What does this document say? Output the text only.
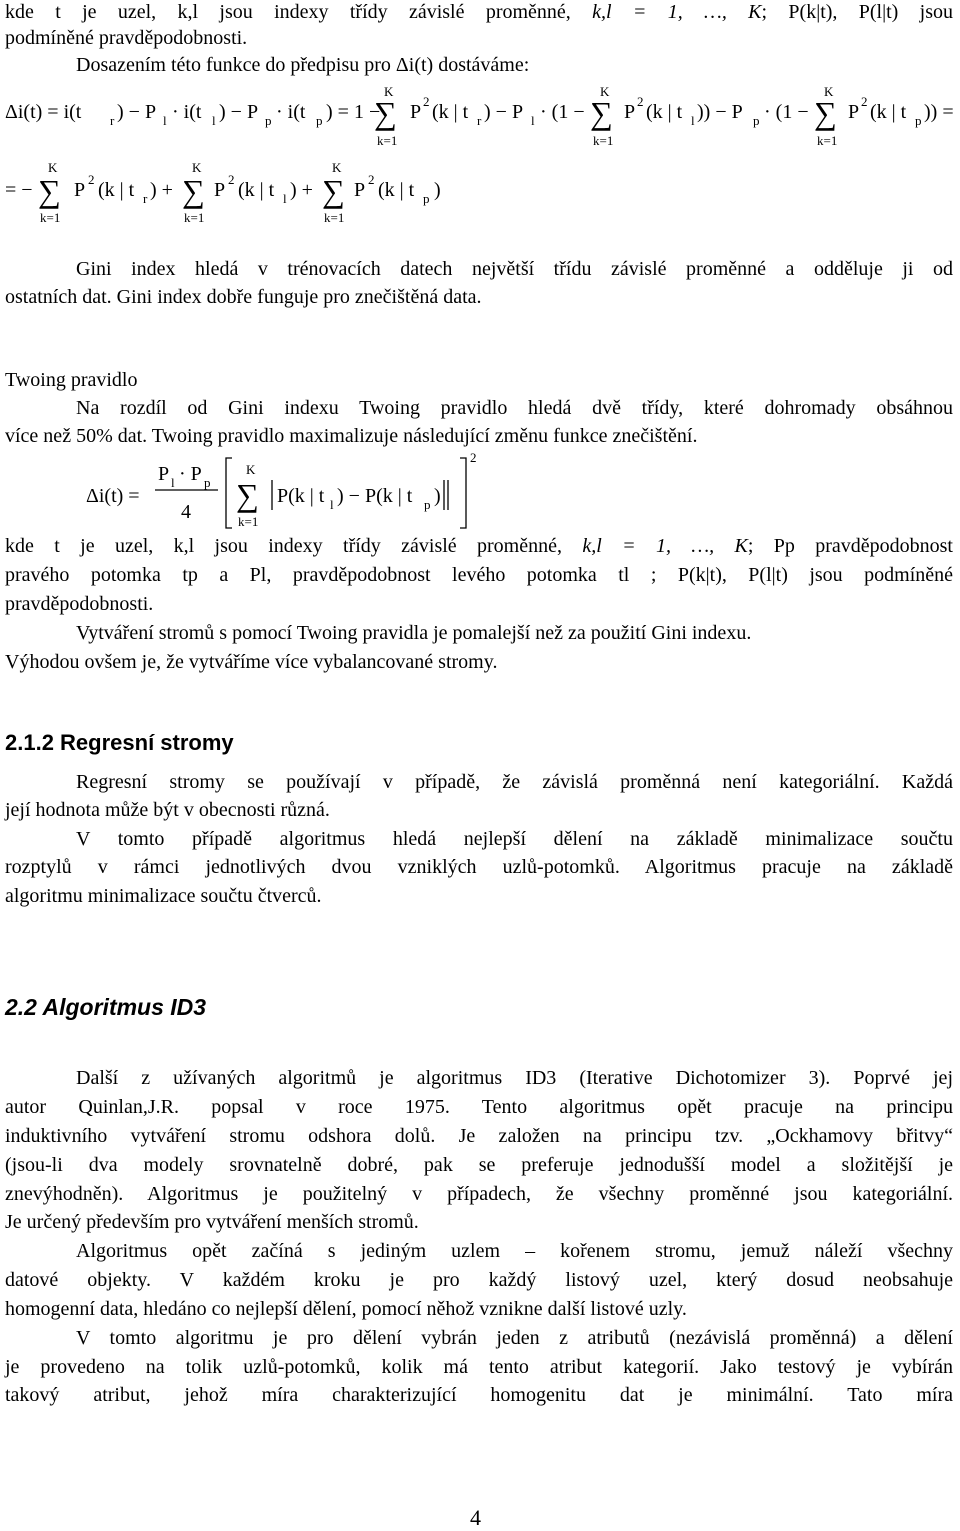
kde t je uzel, k,l jsou indexy třídy závislé proměnné, k,l = 1, …, K; P(k|t), P(l|t) jsou

podmíněné pravděpodobnosti.

Dosazením této funkce do předpisu pro Δi(t) dostáváme:

Δi(t) = i(t r ) − P l · i(t l ) − P p · i(t p ) = 1 −
K
∑
k=1
P 2 (k | t r ) − P l · (1 −
K
∑
k=1
P 2 (k | t l )) − P p · (1 −
K
∑
k=1
P 2 (k | t p )) =
= −
K
∑
k=1
P 2 (k | t r ) +
K
∑
k=1
P 2 (k | t l ) +
K
∑
k=1
P 2 (k | t p )

Gini index hledá v trénovacích datech největší třídu závislé proměnné a odděluje ji od

ostatních dat. Gini index dobře funguje pro znečištěná data.

Twoing pravidlo

Na rozdíl od Gini indexu Twoing pravidlo hledá dvě třídy, které dohromady obsáhnou

více než 50% dat. Twoing pravidlo maximalizuje následující změnu funkce znečištění.

Δi(t) =
P l · P p
4
K
∑
k=1
P(k | t l ) − P(k | t p )
2

kde t je uzel, k,l jsou indexy třídy závislé proměnné, k,l = 1, …, K; Pp pravděpodobnost

pravého potomka tp a Pl, pravděpodobnost levého potomka tl ; P(k|t), P(l|t) jsou podmíněné

pravděpodobnosti.

Vytváření stromů s pomocí Twoing pravidla je pomalejší než za použití Gini indexu.

Výhodou ovšem je, že vytváříme více vybalancované stromy.

2.1.2 Regresní stromy

Regresní stromy se používají v případě, že závislá proměnná není kategoriální. Každá

její hodnota může být v obecnosti různá.

V tomto případě algoritmus hledá nejlepší dělení na základě minimalizace součtu

rozptylů v rámci jednotlivých dvou vzniklých uzlů-potomků. Algoritmus pracuje na základě

algoritmu minimalizace součtu čtverců.

2.2 Algoritmus ID3

Další z užívaných algoritmů je algoritmus ID3 (Iterative Dichotomizer 3). Poprvé jej

autor Quinlan,J.R. popsal v roce 1975. Tento algoritmus opět pracuje na principu

induktivního vytváření stromu odshora dolů. Je založen na principu tzv. „Ockhamovy břitvy“

(jsou-li dva modely srovnatelně dobré, pak se preferuje jednodušší model a složitější je

znevýhodněn). Algoritmus je použitelný v případech, že všechny proměnné jsou kategoriální.

Je určený především pro vytváření menších stromů.

Algoritmus opět začíná s jediným uzlem – kořenem stromu, jemuž náleží všechny

datové objekty. V každém kroku je pro každý listový uzel, který dosud neobsahuje

homogenní data, hledáno co nejlepší dělení, pomocí něhož vznikne další listové uzly.

V tomto algoritmu je pro dělení vybrán jeden z atributů (nezávislá proměnná) a dělení

je provedeno na tolik uzlů-potomků, kolik má tento atribut kategorií. Jako testový je vybírán

takový atribut, jehož míra charakterizující homogenitu dat je minimální. Tato míra

4
